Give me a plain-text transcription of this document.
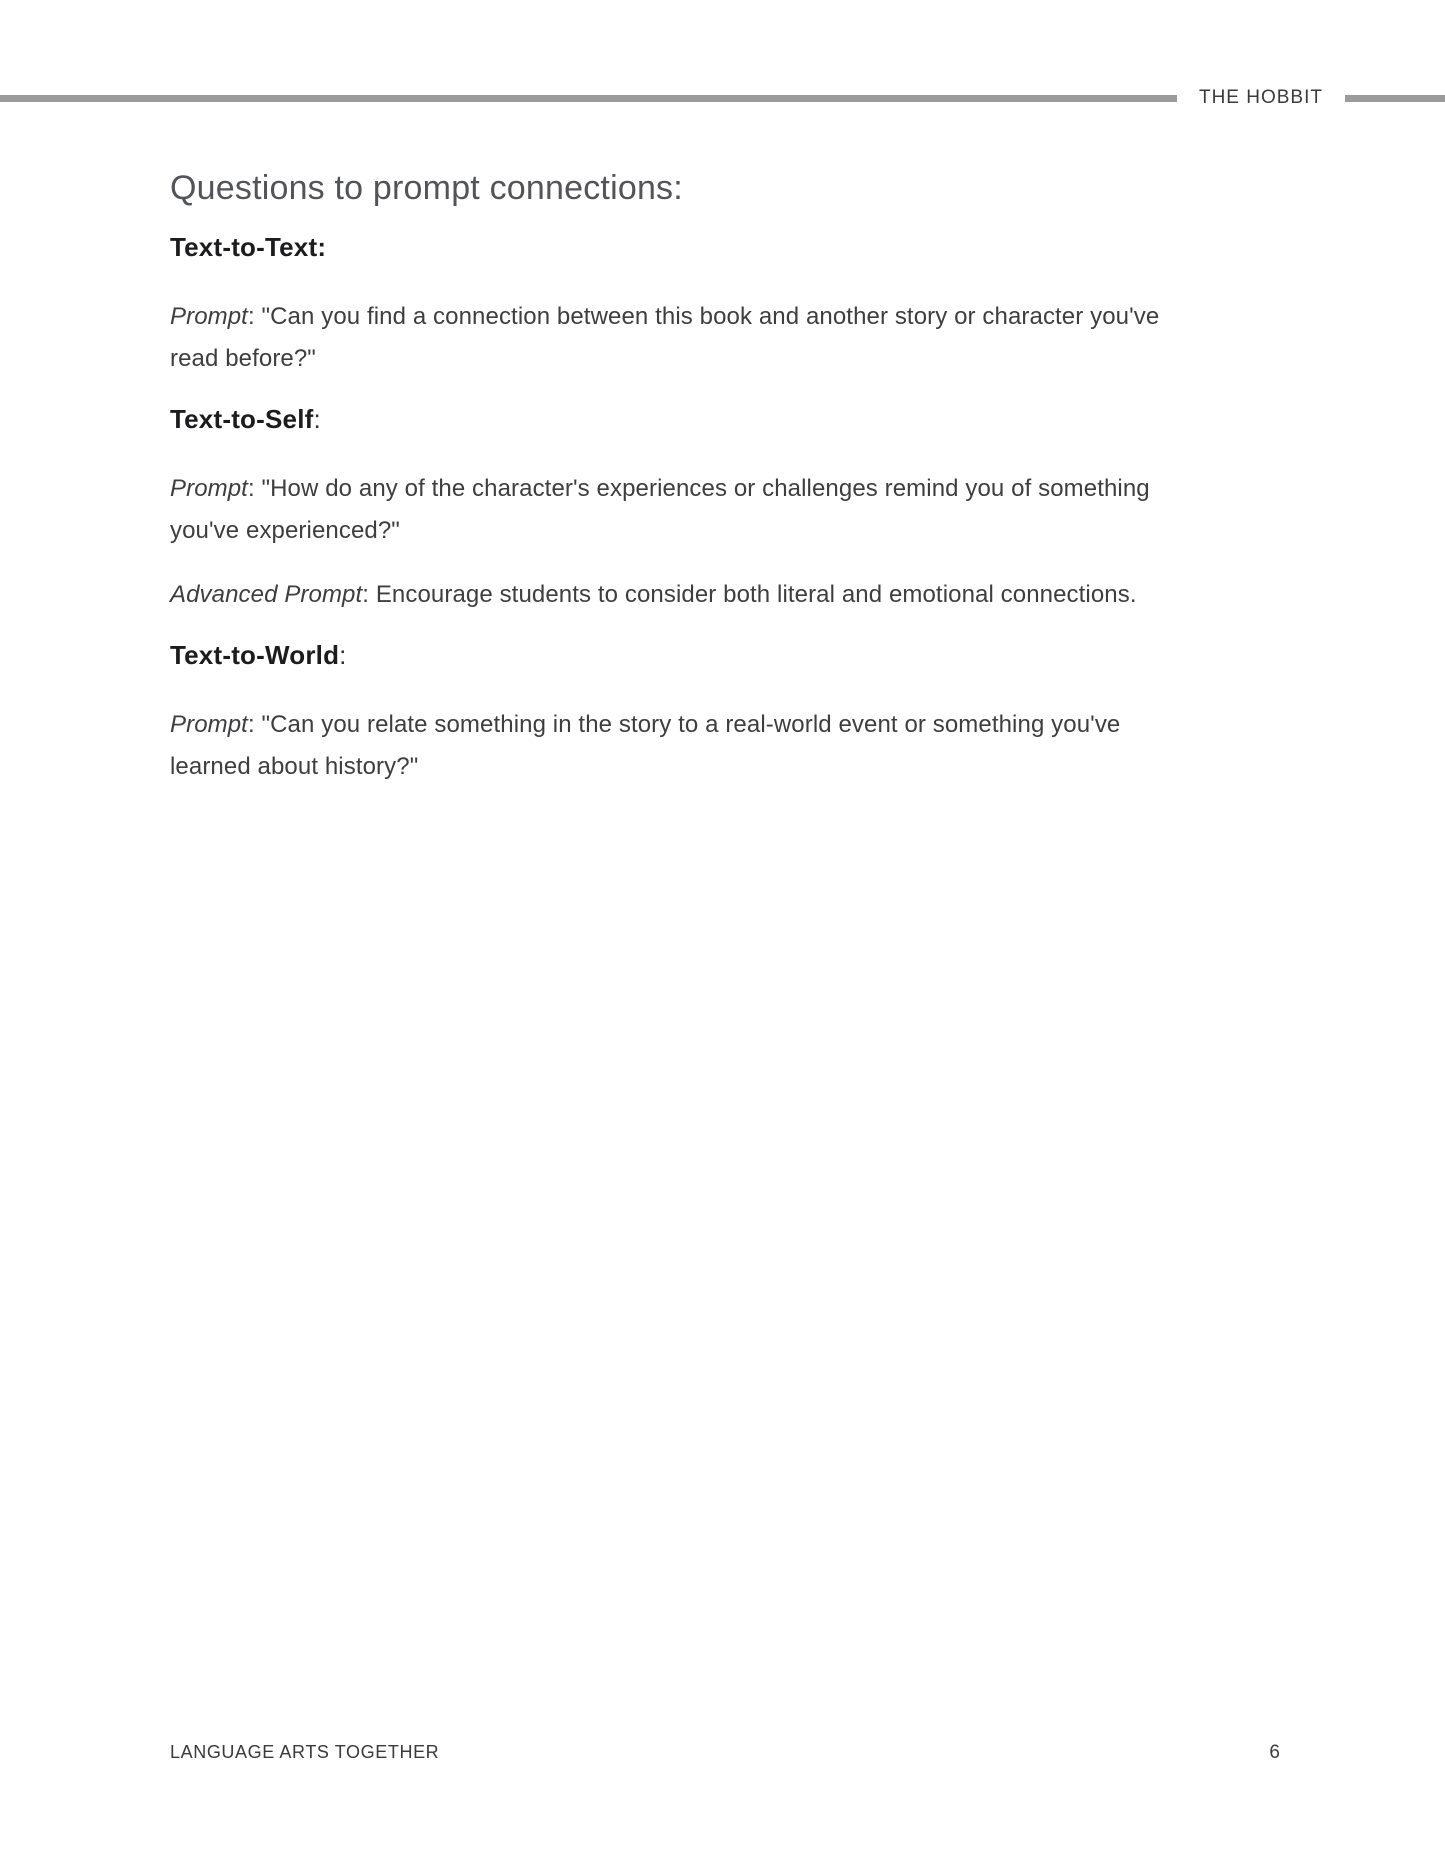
THE HOBBIT
Questions to prompt connections:
Text-to-Text:

Prompt: "Can you find a connection between this book and another story or character you've
read before?"

Text-to-Self:

Prompt: "How do any of the character's experiences or challenges remind you of something
you've experienced?"

Advanced Prompt: Encourage students to consider both literal and emotional connections.

Text-to-World:

Prompt: "Can you relate something in the story to a real-world event or something you've
learned about history?"

LANGUAGE ARTS TOGETHER	6
